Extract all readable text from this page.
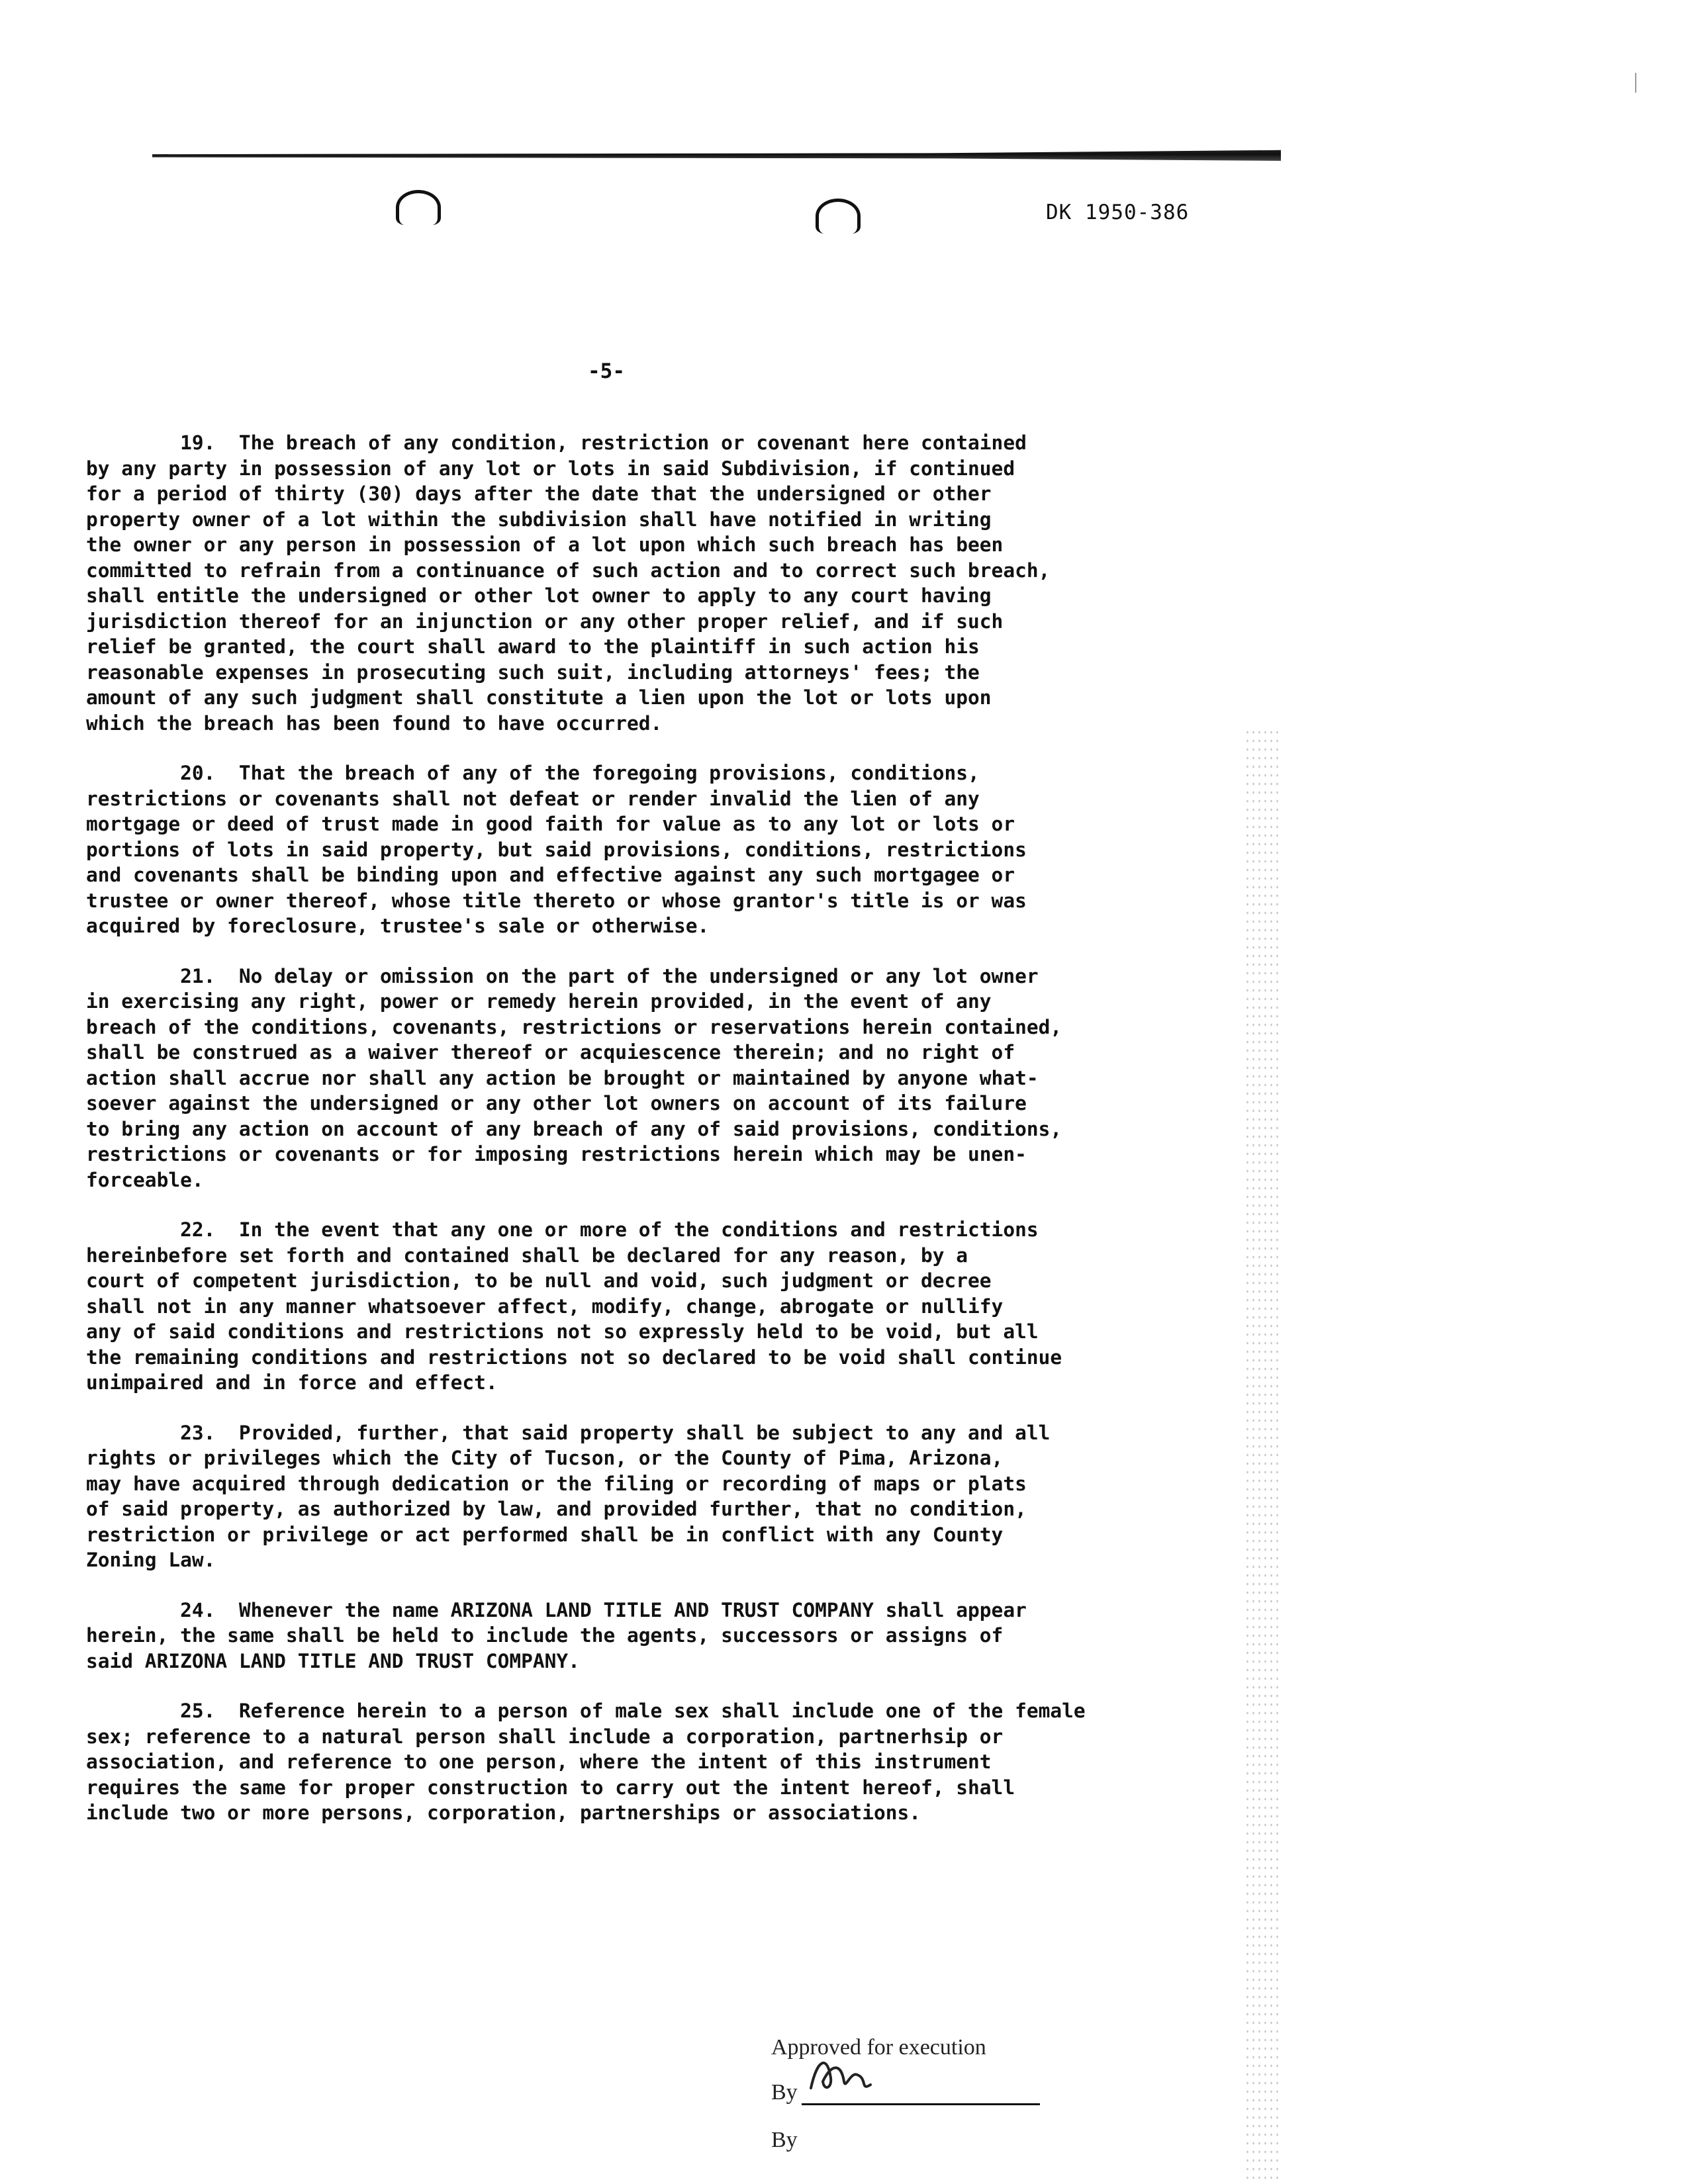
DK 1950-386
-5-

19.  The breach of any condition, restriction or covenant here contained
by any party in possession of any lot or lots in said Subdivision, if continued
for a period of thirty (30) days after the date that the undersigned or other
property owner of a lot within the subdivision shall have notified in writing
the owner or any person in possession of a lot upon which such breach has been
committed to refrain from a continuance of such action and to correct such breach,
shall entitle the undersigned or other lot owner to apply to any court having
jurisdiction thereof for an injunction or any other proper relief, and if such
relief be granted, the court shall award to the plaintiff in such action his
reasonable expenses in prosecuting such suit, including attorneys' fees; the
amount of any such judgment shall constitute a lien upon the lot or lots upon
which the breach has been found to have occurred.

20.  That the breach of any of the foregoing provisions, conditions,
restrictions or covenants shall not defeat or render invalid the lien of any
mortgage or deed of trust made in good faith for value as to any lot or lots or
portions of lots in said property, but said provisions, conditions, restrictions
and covenants shall be binding upon and effective against any such mortgagee or
trustee or owner thereof, whose title thereto or whose grantor's title is or was
acquired by foreclosure, trustee's sale or otherwise.

21.  No delay or omission on the part of the undersigned or any lot owner
in exercising any right, power or remedy herein provided, in the event of any
breach of the conditions, covenants, restrictions or reservations herein contained,
shall be construed as a waiver thereof or acquiescence therein; and no right of
action shall accrue nor shall any action be brought or maintained by anyone what-
soever against the undersigned or any other lot owners on account of its failure
to bring any action on account of any breach of any of said provisions, conditions,
restrictions or covenants or for imposing restrictions herein which may be unen-
forceable.

22.  In the event that any one or more of the conditions and restrictions
hereinbefore set forth and contained shall be declared for any reason, by a
court of competent jurisdiction, to be null and void, such judgment or decree
shall not in any manner whatsoever affect, modify, change, abrogate or nullify
any of said conditions and restrictions not so expressly held to be void, but all
the remaining conditions and restrictions not so declared to be void shall continue
unimpaired and in force and effect.

23.  Provided, further, that said property shall be subject to any and all
rights or privileges which the City of Tucson, or the County of Pima, Arizona,
may have acquired through dedication or the filing or recording of maps or plats
of said property, as authorized by law, and provided further, that no condition,
restriction or privilege or act performed shall be in conflict with any County
Zoning Law.

24.  Whenever the name ARIZONA LAND TITLE AND TRUST COMPANY shall appear
herein, the same shall be held to include the agents, successors or assigns of
said ARIZONA LAND TITLE AND TRUST COMPANY.

25.  Reference herein to a person of male sex shall include one of the female
sex; reference to a natural person shall include a corporation, partnerhsip or
association, and reference to one person, where the intent of this instrument
requires the same for proper construction to carry out the intent hereof, shall
include two or more persons, corporation, partnerships or associations.

Approved for execution
By
By
